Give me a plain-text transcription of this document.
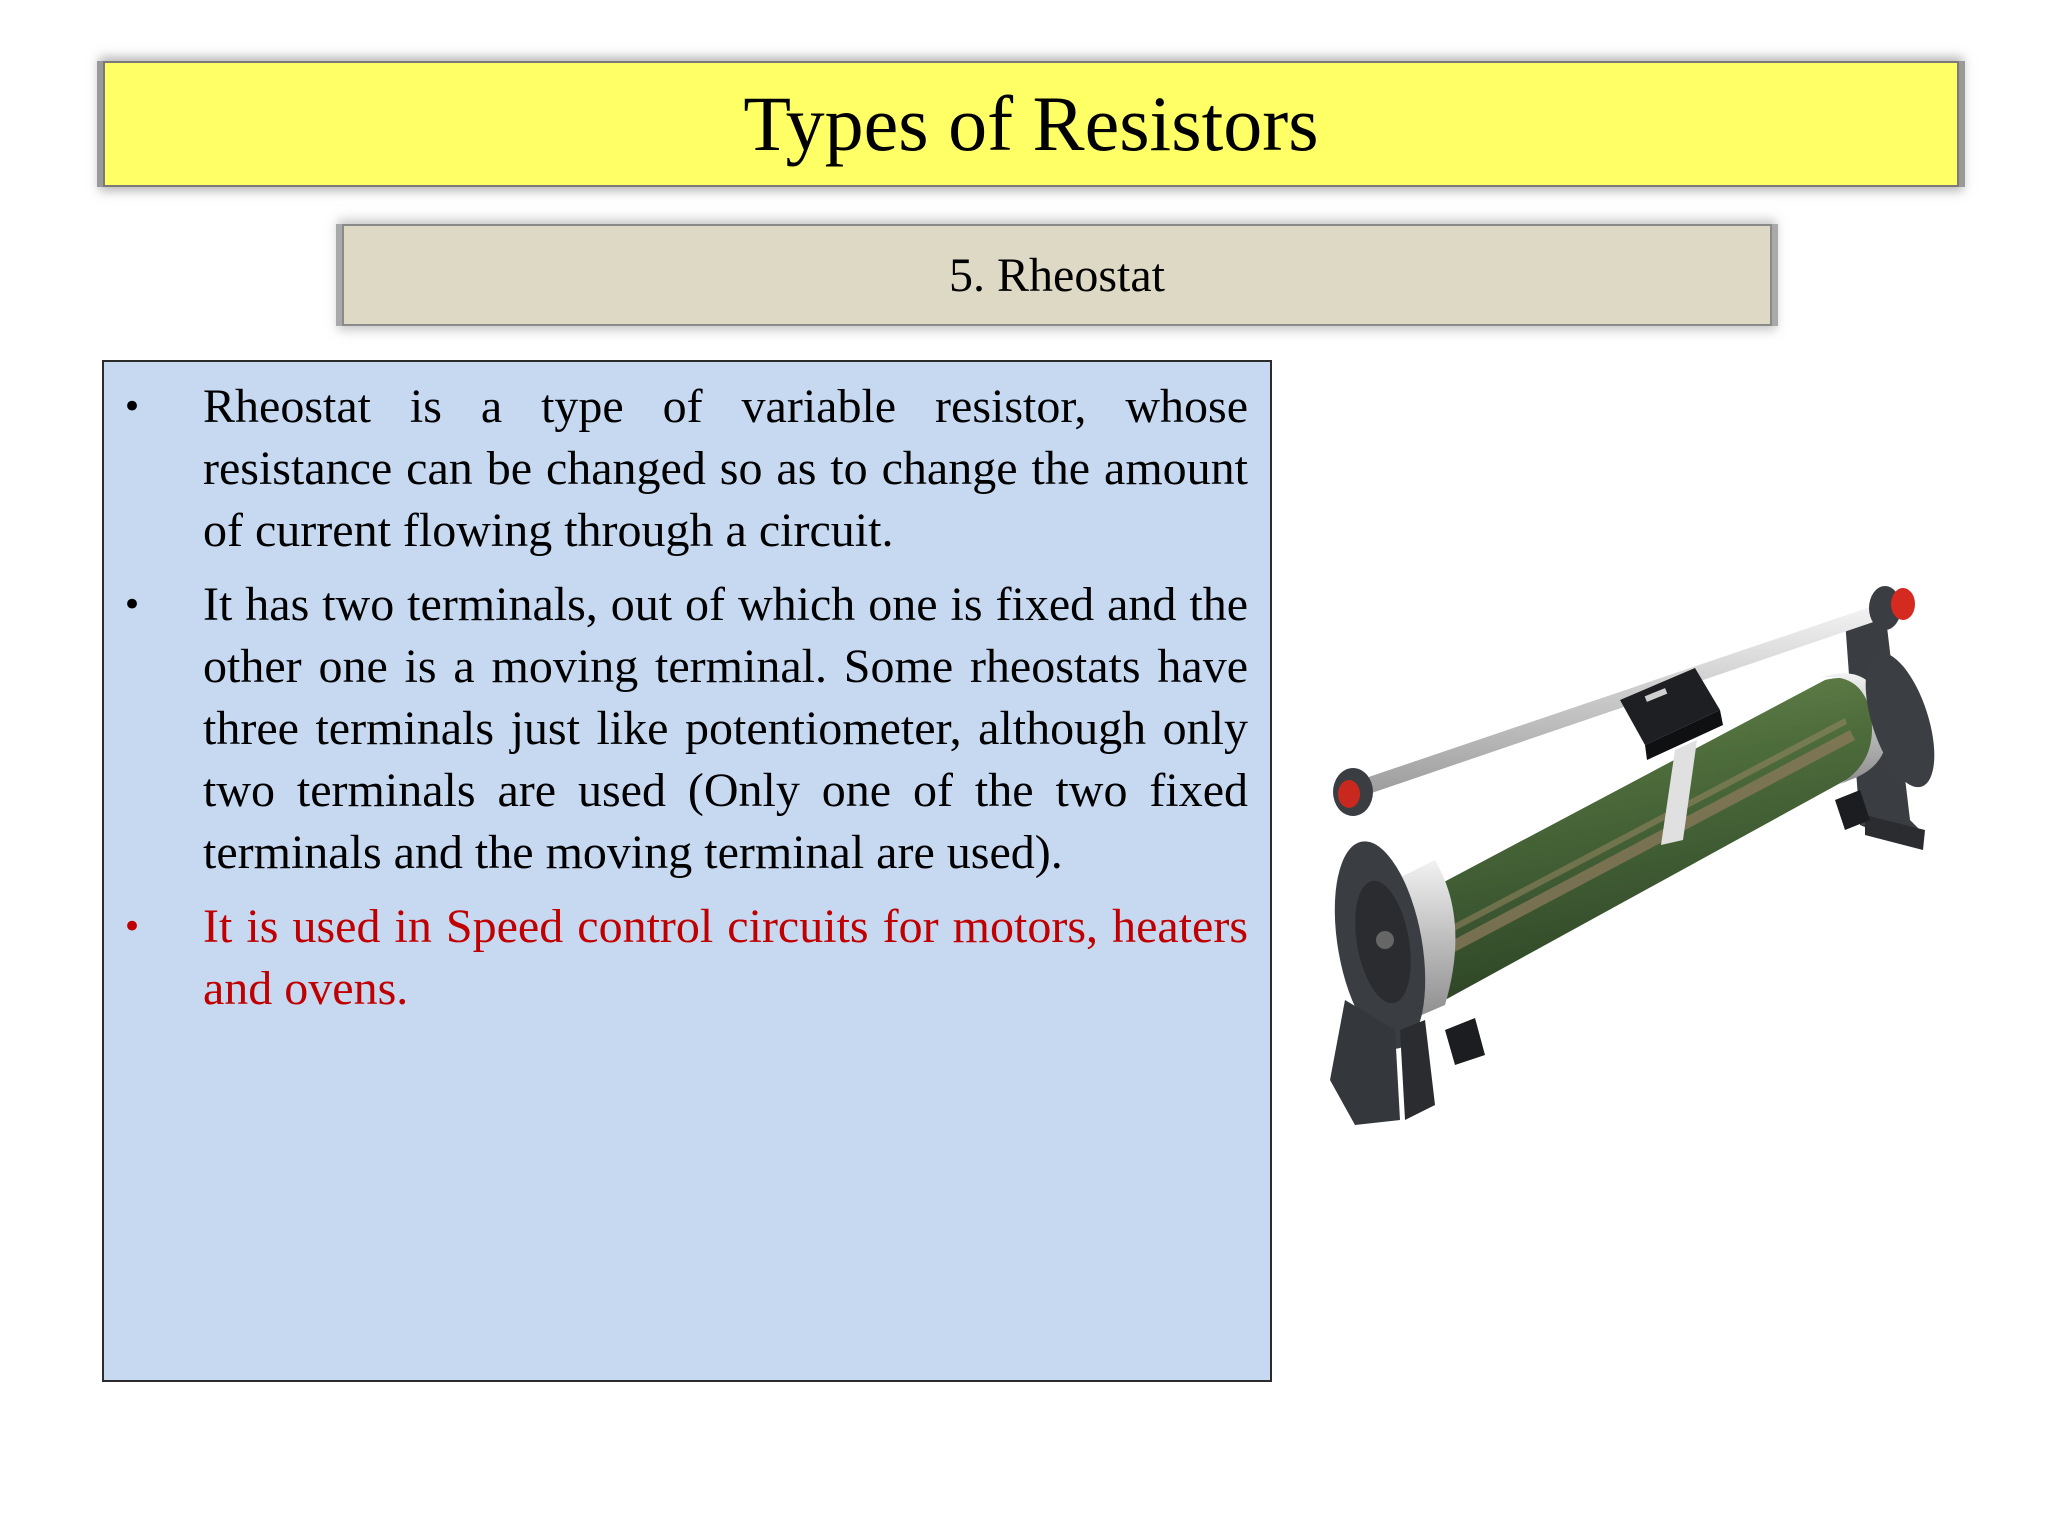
Types of Resistors
5. Rheostat
• Rheostat is a type of variable resistor, whose resistance can be changed so as to change the amount of current flowing through a circuit.
• It has two terminals, out of which one is fixed and the other one is a moving terminal. Some rheostats have three terminals just like potentiometer, although only two terminals are used (Only one of the two fixed terminals and the moving terminal are used).
• It is used in Speed control circuits for motors, heaters and ovens.
